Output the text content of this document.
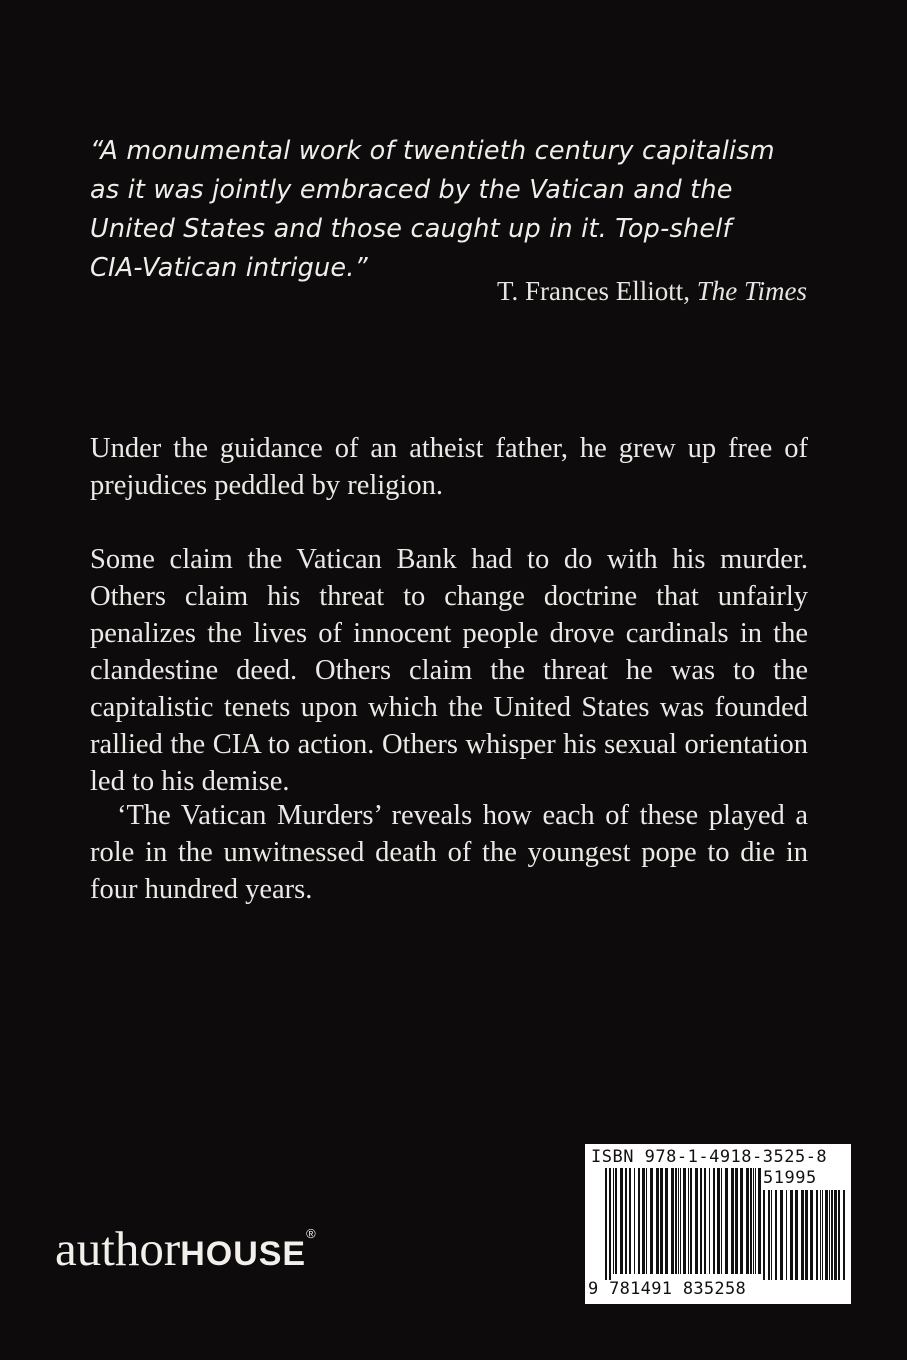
“A monumental work of twentieth century capitalism
as it was jointly embraced by the Vatican and the
United States and those caught up in it. Top-shelf
CIA-Vatican intrigue.”
T. Frances Elliott, The Times
Under the guidance of an atheist father, he grew up free of prejudices peddled by religion.
Some claim the Vatican Bank had to do with his murder. Others claim his threat to change doctrine that unfairly penalizes the lives of innocent people drove cardinals in the clandestine deed. Others claim the threat he was to the capitalistic tenets upon which the United States was founded rallied the CIA to action. Others whisper his sexual orientation led to his demise.
‘The Vatican Murders’ reveals how each of these played a role in the unwitnessed death of the youngest pope to die in four hundred years.
authorHOUSE®
ISBN 978-1-4918-3525-8
51995
9 781491 835258
